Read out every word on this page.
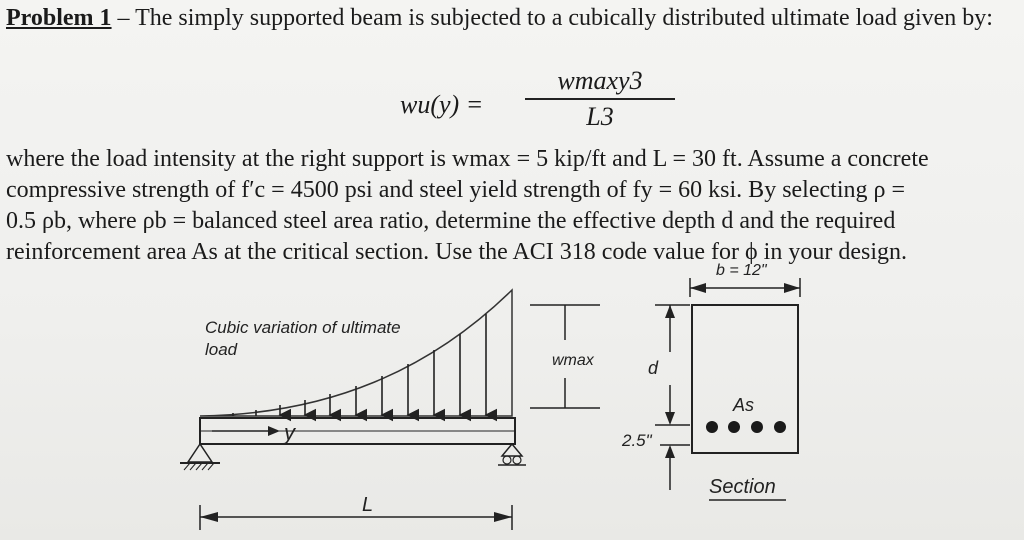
Problem 1 – The simply supported beam is subjected to a cubically distributed ultimate load given by:
wu(y) =
wmaxy3
L3
where the load intensity at the right support is wmax = 5 kip/ft and L = 30 ft. Assume a concrete
compressive strength of f′c = 4500 psi and steel yield strength of fy = 60 ksi. By selecting ρ =
0.5 ρb, where ρb = balanced steel area ratio, determine the effective depth d and the required
reinforcement area As at the critical section. Use the ACI 318 code value for ϕ in your design.
Cubic variation of ultimate
load
y
L
wmax	d
b = 12"
2.5"
As
Section
